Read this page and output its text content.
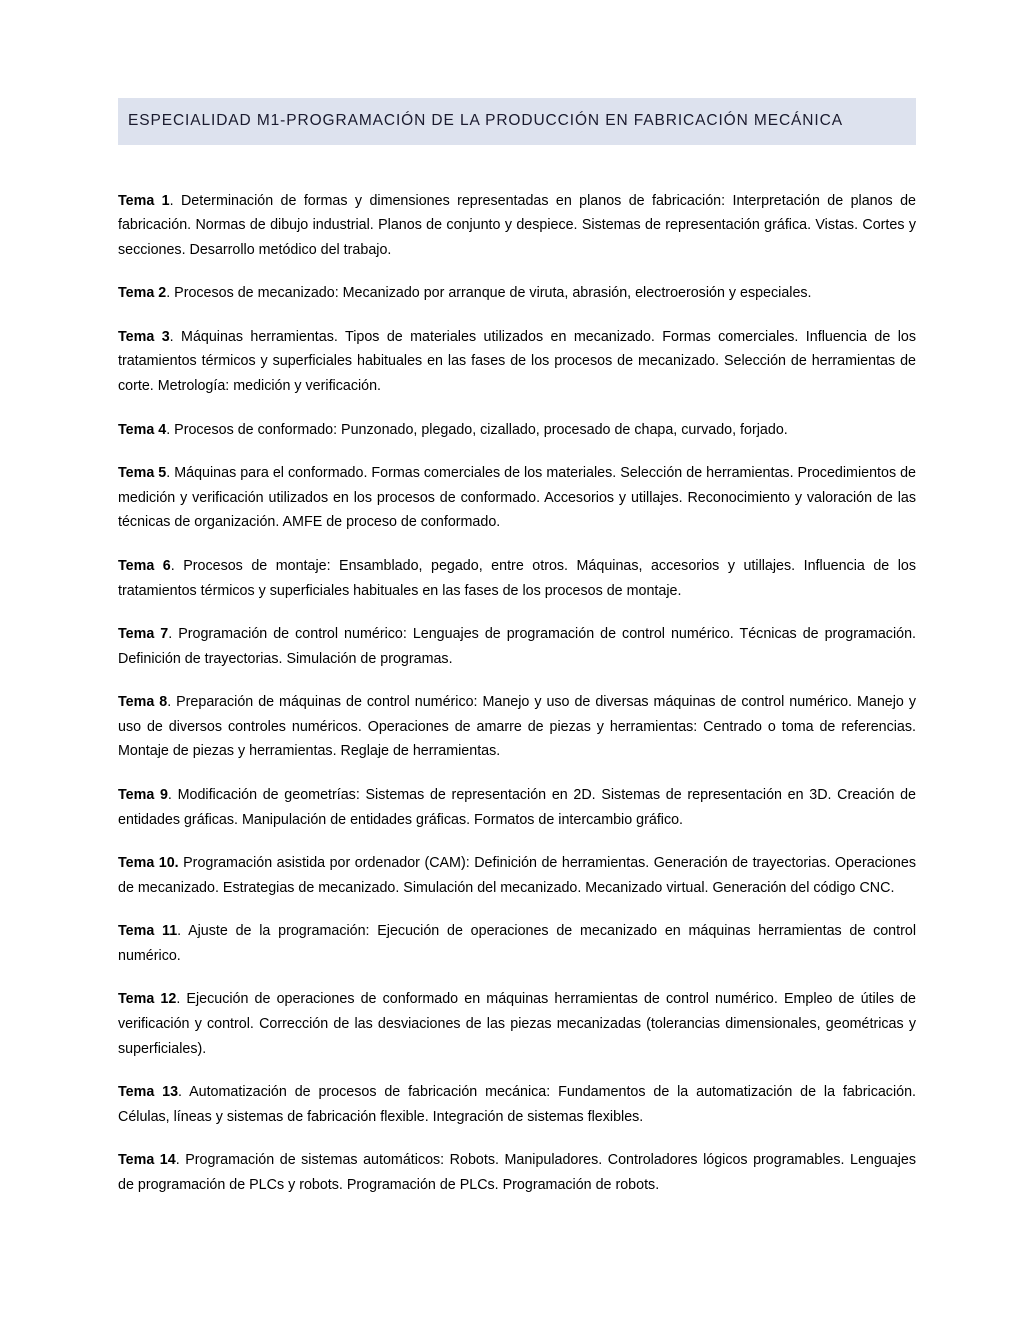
ESPECIALIDAD M1-PROGRAMACIÓN DE LA PRODUCCIÓN EN FABRICACIÓN MECÁNICA

Tema 1. Determinación de formas y dimensiones representadas en planos de fabricación: Interpretación de planos de fabricación. Normas de dibujo industrial. Planos de conjunto y despiece. Sistemas de representación gráfica. Vistas. Cortes y secciones. Desarrollo metódico del trabajo.

Tema 2. Procesos de mecanizado: Mecanizado por arranque de viruta, abrasión, electroerosión y especiales.

Tema 3. Máquinas herramientas. Tipos de materiales utilizados en mecanizado. Formas comerciales. Influencia de los tratamientos térmicos y superficiales habituales en las fases de los procesos de mecanizado. Selección de herramientas de corte. Metrología: medición y verificación.

Tema 4. Procesos de conformado: Punzonado, plegado, cizallado, procesado de chapa, curvado, forjado.

Tema 5. Máquinas para el conformado. Formas comerciales de los materiales. Selección de herramientas. Procedimientos de medición y verificación utilizados en los procesos de conformado. Accesorios y utillajes. Reconocimiento y valoración de las técnicas de organización. AMFE de proceso de conformado.

Tema 6. Procesos de montaje: Ensamblado, pegado, entre otros. Máquinas, accesorios y utillajes. Influencia de los tratamientos térmicos y superficiales habituales en las fases de los procesos de montaje.

Tema 7. Programación de control numérico: Lenguajes de programación de control numérico. Técnicas de programación. Definición de trayectorias. Simulación de programas.

Tema 8. Preparación de máquinas de control numérico: Manejo y uso de diversas máquinas de control numérico. Manejo y uso de diversos controles numéricos. Operaciones de amarre de piezas y herramientas: Centrado o toma de referencias. Montaje de piezas y herramientas. Reglaje de herramientas.

Tema 9. Modificación de geometrías: Sistemas de representación en 2D. Sistemas de representación en 3D. Creación de entidades gráficas. Manipulación de entidades gráficas. Formatos de intercambio gráfico.

Tema 10. Programación asistida por ordenador (CAM): Definición de herramientas. Generación de trayectorias. Operaciones de mecanizado. Estrategias de mecanizado. Simulación del mecanizado. Mecanizado virtual. Generación del código CNC.

Tema 11. Ajuste de la programación: Ejecución de operaciones de mecanizado en máquinas herramientas de control numérico.

Tema 12. Ejecución de operaciones de conformado en máquinas herramientas de control numérico. Empleo de útiles de verificación y control. Corrección de las desviaciones de las piezas mecanizadas (tolerancias dimensionales, geométricas y superficiales).

Tema 13. Automatización de procesos de fabricación mecánica: Fundamentos de la automatización de la fabricación. Células, líneas y sistemas de fabricación flexible. Integración de sistemas flexibles.

Tema 14. Programación de sistemas automáticos: Robots. Manipuladores. Controladores lógicos programables. Lenguajes de programación de PLCs y robots. Programación de PLCs. Programación de robots.
